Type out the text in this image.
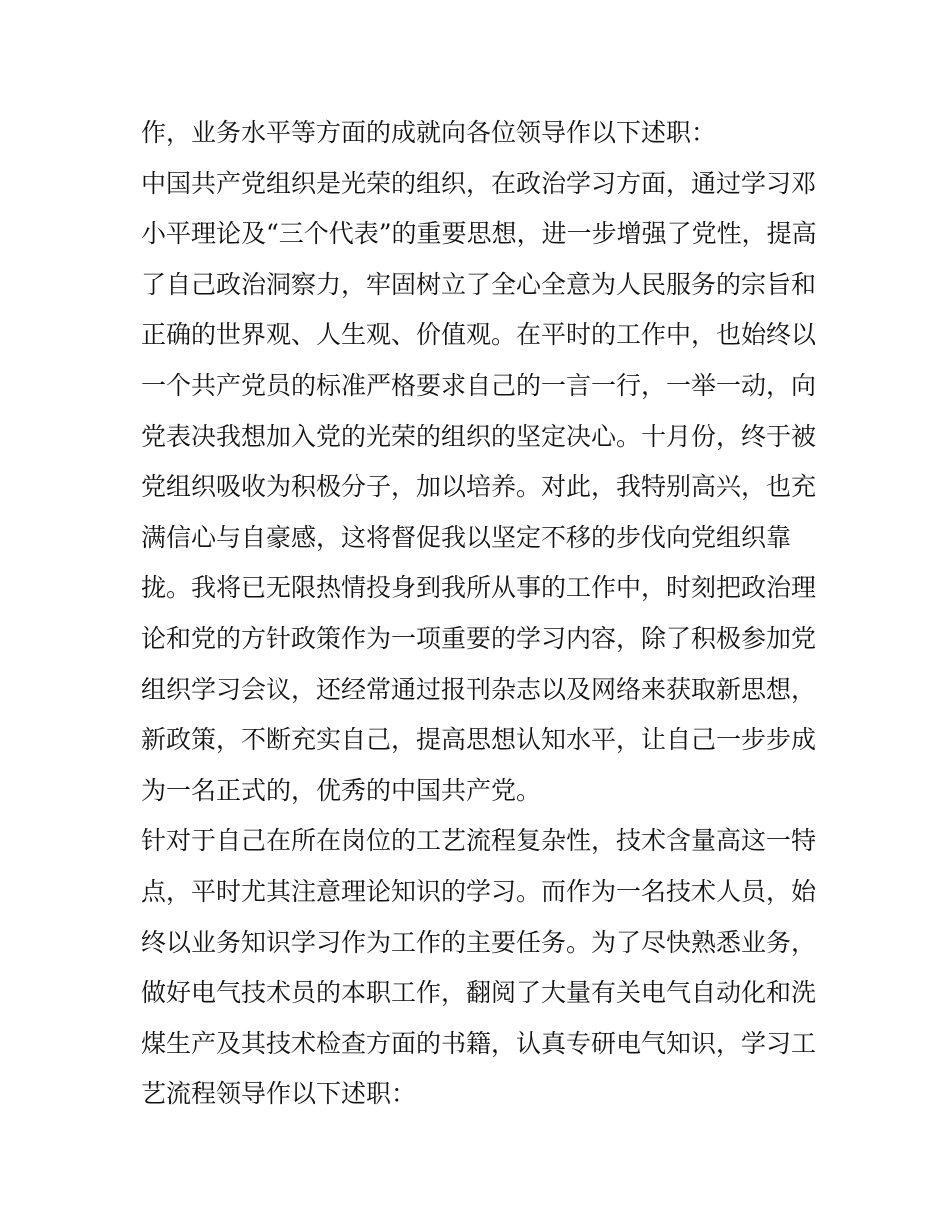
作，业务水平等方面的成就向各位领导作以下述职：
中国共产党组织是光荣的组织，在政治学习方面，通过学习邓
小平理论及“三个代表”的重要思想，进一步增强了党性，提高
了自己政治洞察力，牢固树立了全心全意为人民服务的宗旨和
正确的世界观、人生观、价值观。在平时的工作中，也始终以
一个共产党员的标准严格要求自己的一言一行，一举一动，向
党表决我想加入党的光荣的组织的坚定决心。十月份，终于被
党组织吸收为积极分子，加以培养。对此，我特别高兴，也充
满信心与自豪感，这将督促我以坚定不移的步伐向党组织靠
拢。我将已无限热情投身到我所从事的工作中，时刻把政治理
论和党的方针政策作为一项重要的学习内容，除了积极参加党
组织学习会议，还经常通过报刊杂志以及网络来获取新思想，
新政策，不断充实自己，提高思想认知水平，让自己一步步成
为一名正式的，优秀的中国共产党。
针对于自己在所在岗位的工艺流程复杂性，技术含量高这一特
点，平时尤其注意理论知识的学习。而作为一名技术人员，始
终以业务知识学习作为工作的主要任务。为了尽快熟悉业务，
做好电气技术员的本职工作，翻阅了大量有关电气自动化和洗
煤生产及其技术检查方面的书籍，认真专研电气知识，学习工
艺流程领导作以下述职：
